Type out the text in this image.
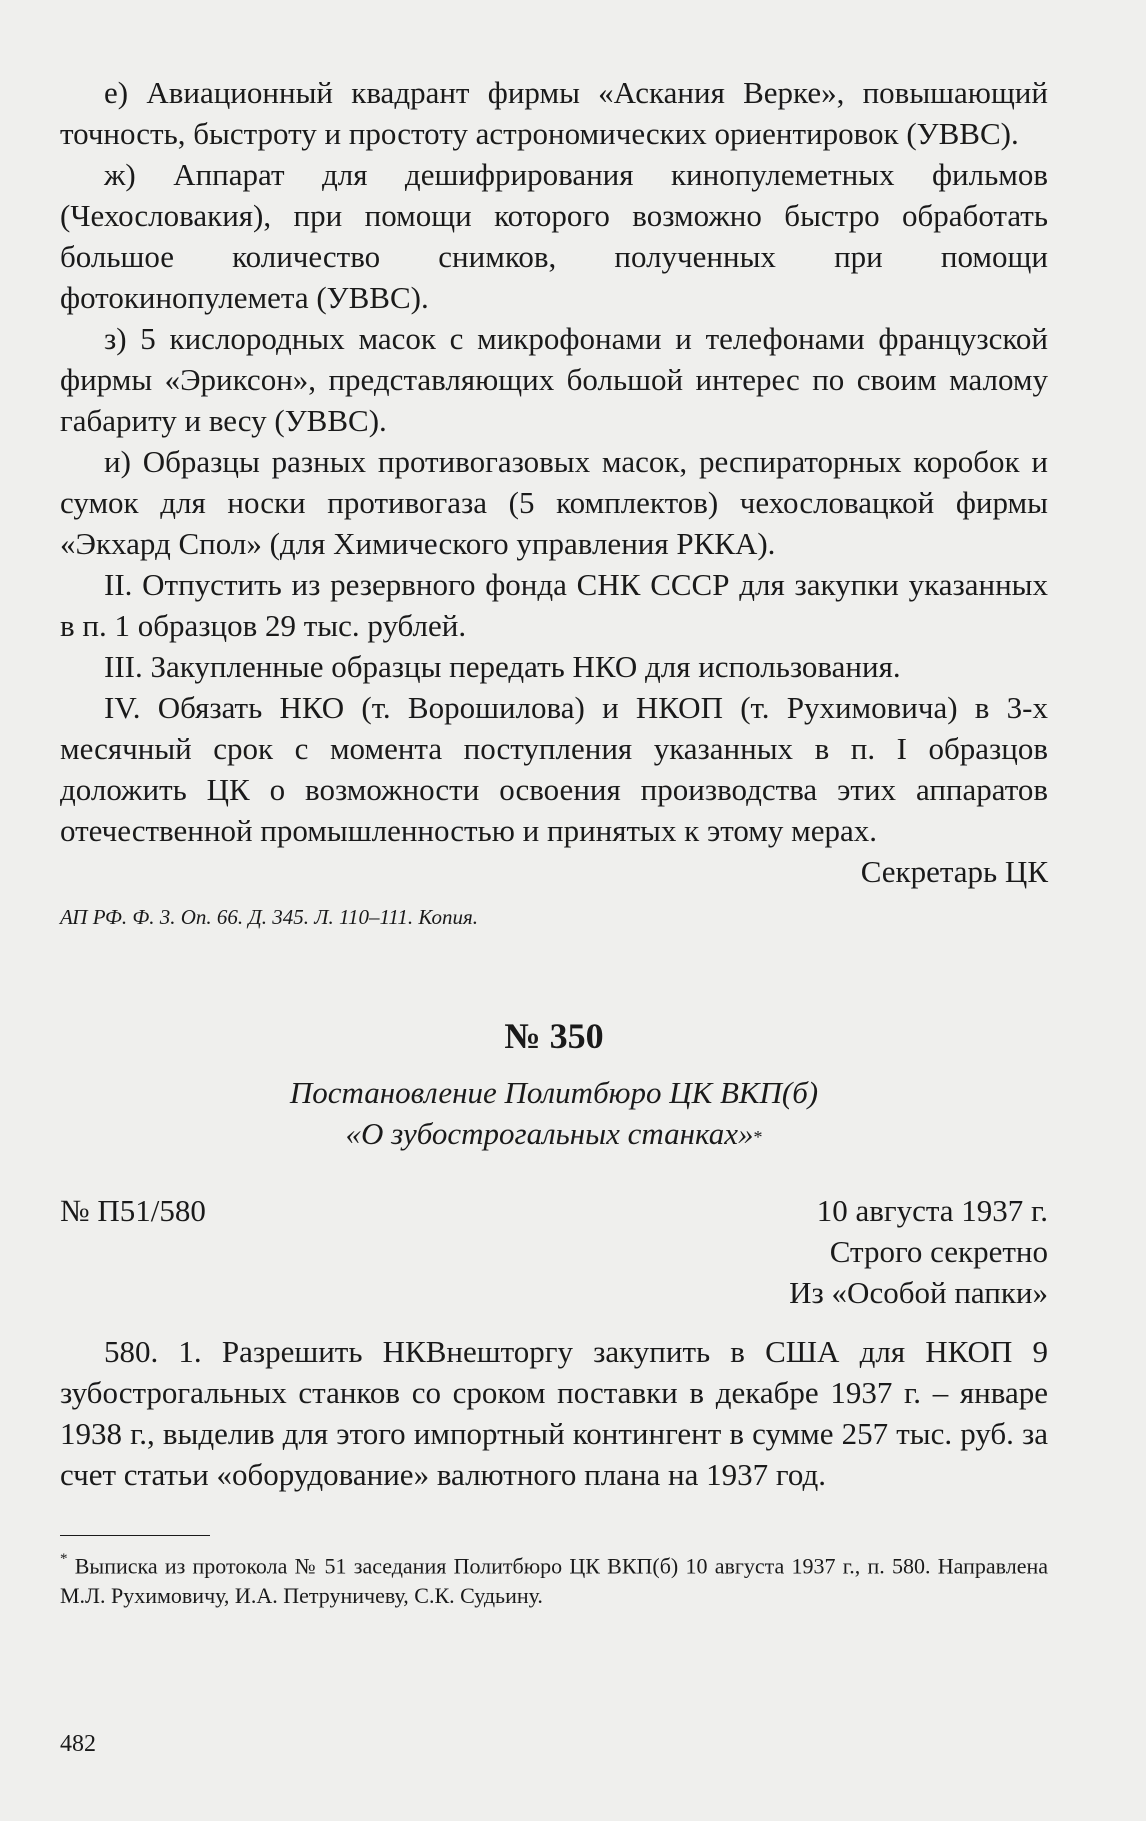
е) Авиационный квадрант фирмы «Аскания Верке», повышающий точность, быстроту и простоту астрономических ориентировок (УВВС).

ж) Аппарат для дешифрирования кинопулеметных фильмов (Чехословакия), при помощи которого возможно быстро обработать большое количество снимков, полученных при помощи фотокинопулемета (УВВС).

з) 5 кислородных масок с микрофонами и телефонами французской фирмы «Эриксон», представляющих большой интерес по своим малому габариту и весу (УВВС).

и) Образцы разных противогазовых масок, респираторных коробок и сумок для носки противогаза (5 комплектов) чехословацкой фирмы «Экхард Спол» (для Химического управления РККА).

II. Отпустить из резервного фонда СНК СССР для закупки указанных в п. 1 образцов 29 тыс. рублей.

III. Закупленные образцы передать НКО для использования.

IV. Обязать НКО (т. Ворошилова) и НКОП (т. Рухимовича) в 3-х месячный срок с момента поступления указанных в п. I образцов доложить ЦК о возможности освоения производства этих аппаратов отечественной промышленностью и принятых к этому мерах.

Секретарь ЦК

АП РФ. Ф. 3. Оп. 66. Д. 345. Л. 110–111. Копия.

№ 350
Постановление Политбюро ЦК ВКП(б)
«О зубострогальных станках»*
№ П51/580	10 августа 1937 г.
Строго секретно
Из «Особой папки»

580. 1. Разрешить НКВнешторгу закупить в США для НКОП 9 зубострогальных станков со сроком поставки в декабре 1937 г. – январе 1938 г., выделив для этого импортный контингент в сумме 257 тыс. руб. за счет статьи «оборудование» валютного плана на 1937 год.

* Выписка из протокола № 51 заседания Политбюро ЦК ВКП(б) 10 августа 1937 г., п. 580. Направлена М.Л. Рухимовичу, И.А. Петруничеву, С.К. Судьину.

482
